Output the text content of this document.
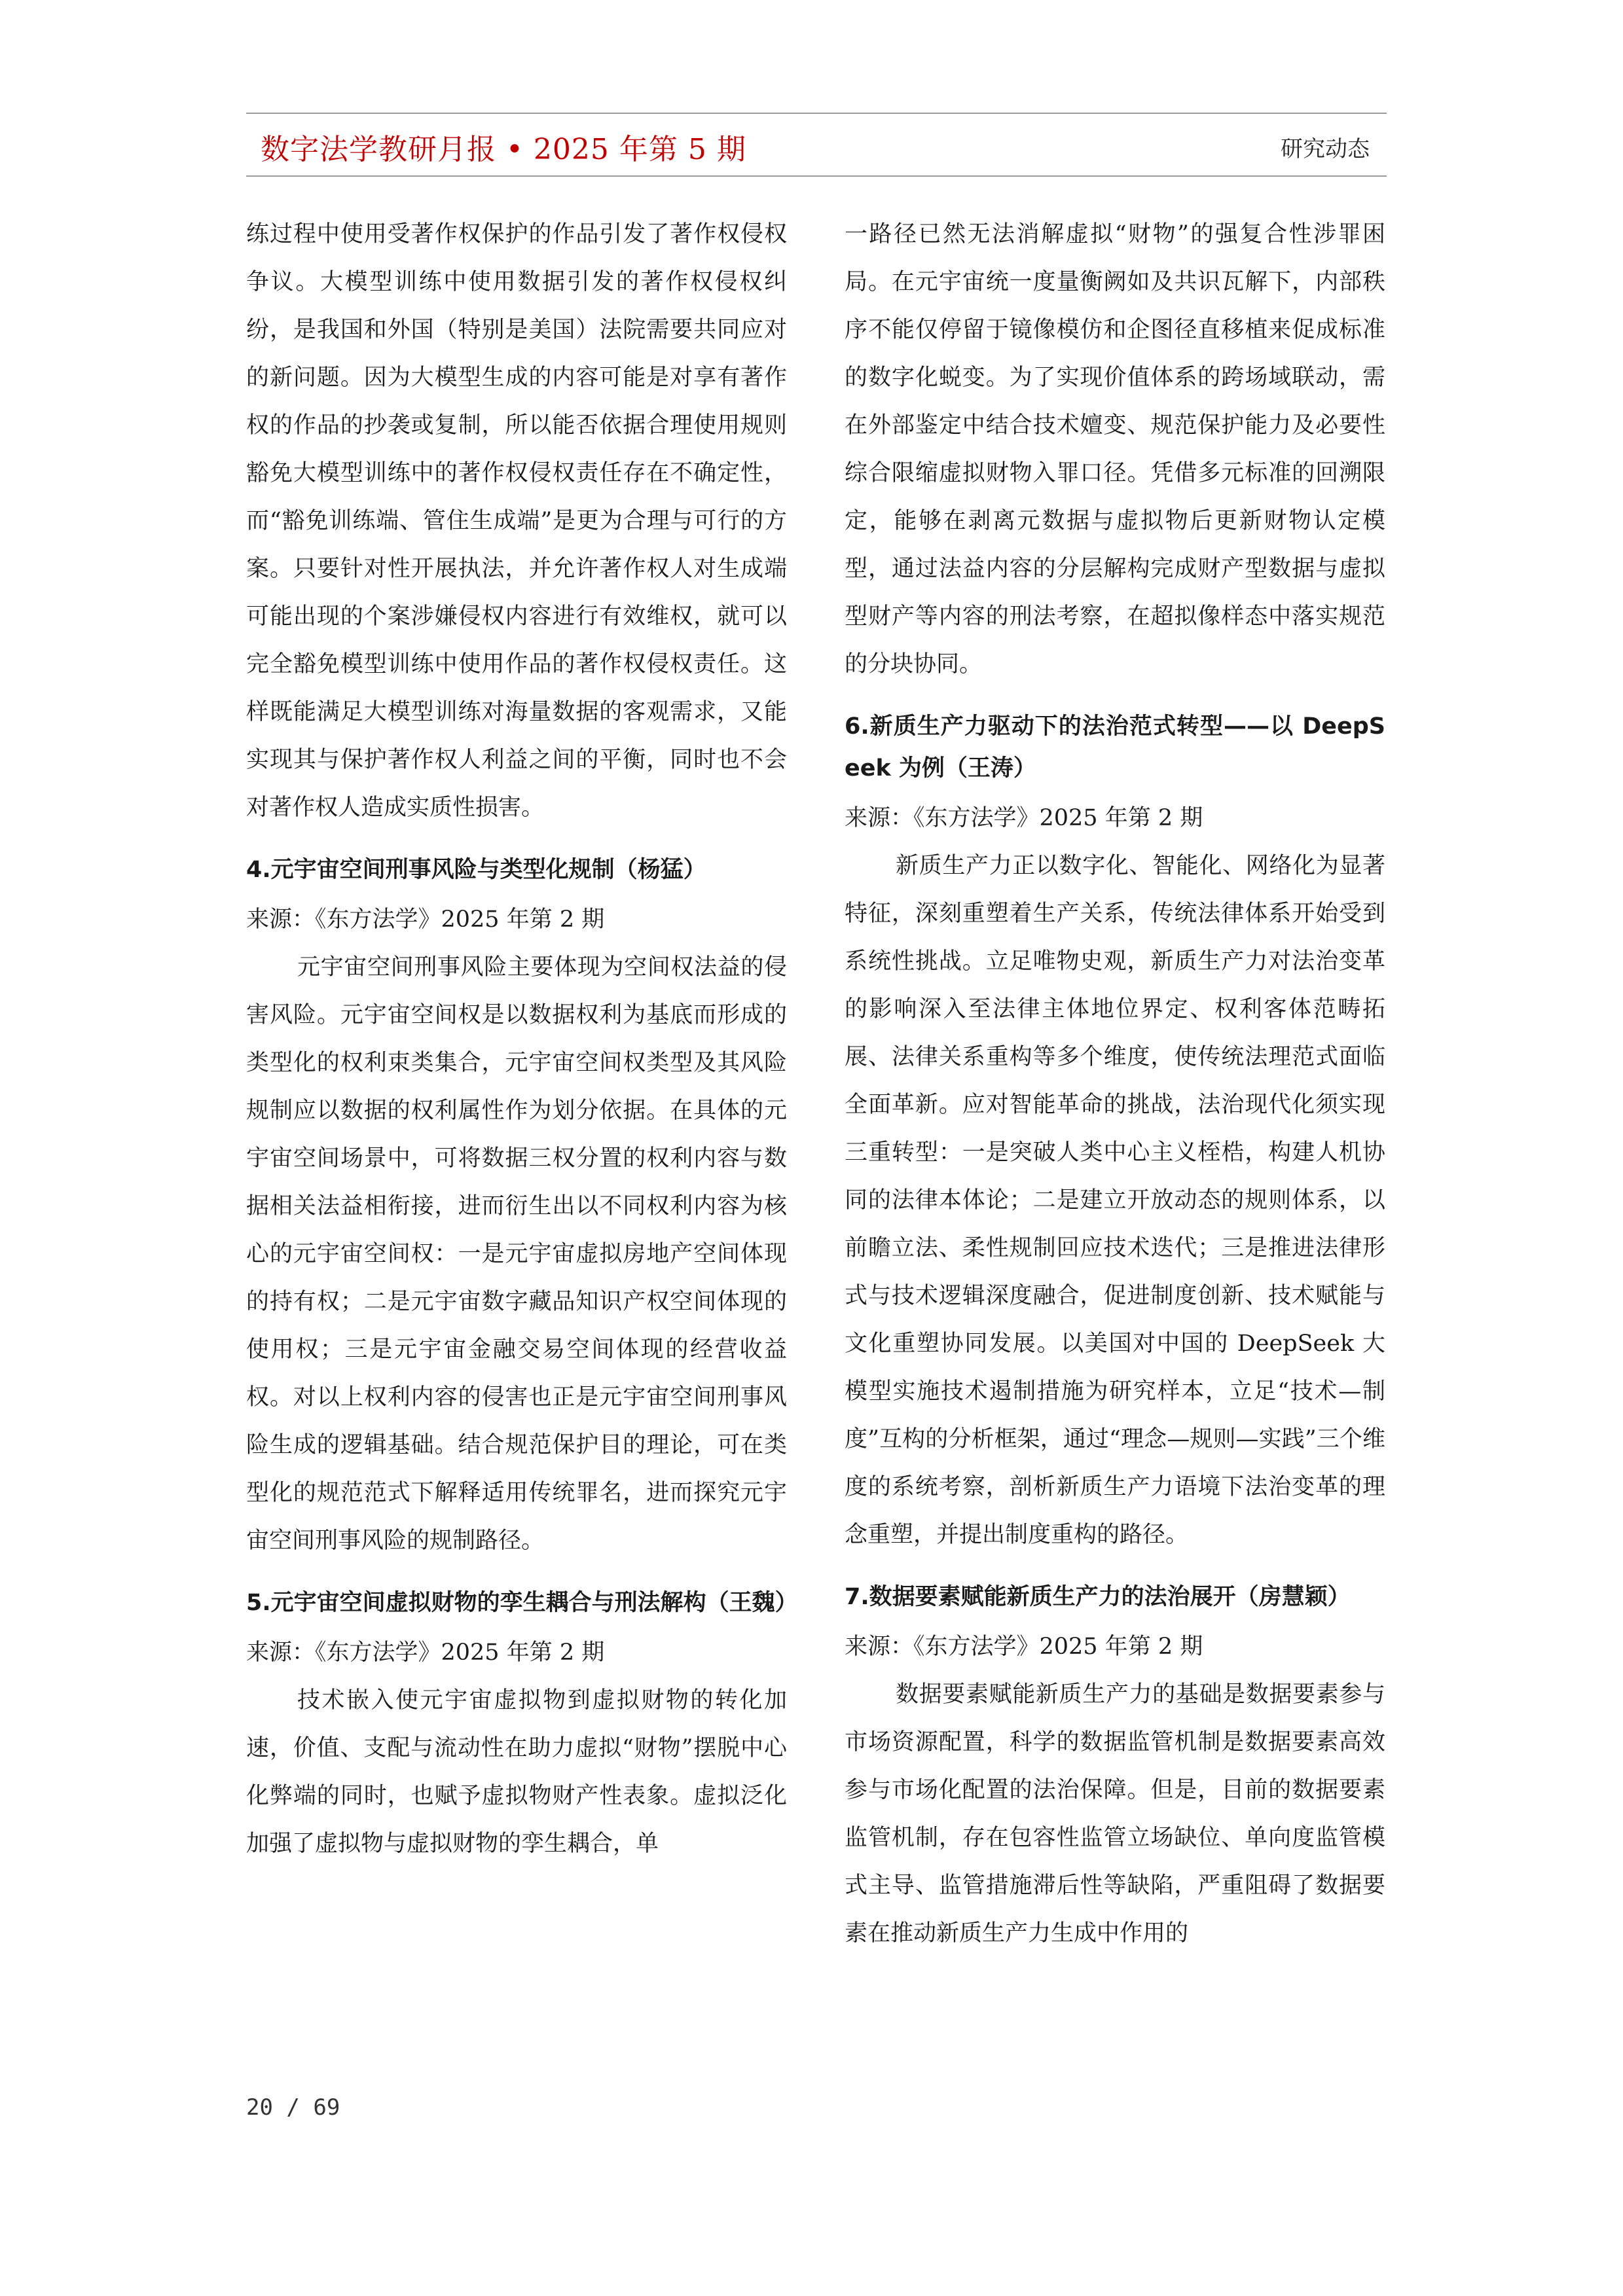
数字法学教研月报 • 2025 年第 5 期	研究动态

练过程中使用受著作权保护的作品引发了著作权侵权争议。大模型训练中使用数据引发的著作权侵权纠纷，是我国和外国（特别是美国）法院需要共同应对的新问题。因为大模型生成的内容可能是对享有著作权的作品的抄袭或复制，所以能否依据合理使用规则豁免大模型训练中的著作权侵权责任存在不确定性，而“豁免训练端、管住生成端”是更为合理与可行的方案。只要针对性开展执法，并允许著作权人对生成端可能出现的个案涉嫌侵权内容进行有效维权，就可以完全豁免模型训练中使用作品的著作权侵权责任。这样既能满足大模型训练对海量数据的客观需求，又能实现其与保护著作权人利益之间的平衡，同时也不会对著作权人造成实质性损害。

4.元宇宙空间刑事风险与类型化规制（杨猛）

来源：《东方法学》2025 年第 2 期

元宇宙空间刑事风险主要体现为空间权法益的侵害风险。元宇宙空间权是以数据权利为基底而形成的类型化的权利束类集合，元宇宙空间权类型及其风险规制应以数据的权利属性作为划分依据。在具体的元宇宙空间场景中，可将数据三权分置的权利内容与数据相关法益相衔接，进而衍生出以不同权利内容为核心的元宇宙空间权：一是元宇宙虚拟房地产空间体现的持有权；二是元宇宙数字藏品知识产权空间体现的使用权；三是元宇宙金融交易空间体现的经营收益权。对以上权利内容的侵害也正是元宇宙空间刑事风险生成的逻辑基础。结合规范保护目的理论，可在类型化的规范范式下解释适用传统罪名，进而探究元宇宙空间刑事风险的规制路径。

5.元宇宙空间虚拟财物的孪生耦合与刑法解构（王魏）

来源：《东方法学》2025 年第 2 期

技术嵌入使元宇宙虚拟物到虚拟财物的转化加速，价值、支配与流动性在助力虚拟“财物”摆脱中心化弊端的同时，也赋予虚拟物财产性表象。虚拟泛化加强了虚拟物与虚拟财物的孪生耦合，单

一路径已然无法消解虚拟“财物”的强复合性涉罪困局。在元宇宙统一度量衡阙如及共识瓦解下，内部秩序不能仅停留于镜像模仿和企图径直移植来促成标准的数字化蜕变。为了实现价值体系的跨场域联动，需在外部鉴定中结合技术嬗变、规范保护能力及必要性综合限缩虚拟财物入罪口径。凭借多元标准的回溯限定，能够在剥离元数据与虚拟物后更新财物认定模型，通过法益内容的分层解构完成财产型数据与虚拟型财产等内容的刑法考察，在超拟像样态中落实规范的分块协同。

6.新质生产力驱动下的法治范式转型——以 DeepSeek 为例（王涛）

来源：《东方法学》2025 年第 2 期

新质生产力正以数字化、智能化、网络化为显著特征，深刻重塑着生产关系，传统法律体系开始受到系统性挑战。立足唯物史观，新质生产力对法治变革的影响深入至法律主体地位界定、权利客体范畴拓展、法律关系重构等多个维度，使传统法理范式面临全面革新。应对智能革命的挑战，法治现代化须实现三重转型：一是突破人类中心主义桎梏，构建人机协同的法律本体论；二是建立开放动态的规则体系，以前瞻立法、柔性规制回应技术迭代；三是推进法律形式与技术逻辑深度融合，促进制度创新、技术赋能与文化重塑协同发展。以美国对中国的 DeepSeek 大模型实施技术遏制措施为研究样本，立足“技术—制度”互构的分析框架，通过“理念—规则—实践”三个维度的系统考察，剖析新质生产力语境下法治变革的理念重塑，并提出制度重构的路径。

7.数据要素赋能新质生产力的法治展开（房慧颖）

来源：《东方法学》2025 年第 2 期

数据要素赋能新质生产力的基础是数据要素参与市场资源配置，科学的数据监管机制是数据要素高效参与市场化配置的法治保障。但是，目前的数据要素监管机制，存在包容性监管立场缺位、单向度监管模式主导、监管措施滞后性等缺陷，严重阻碍了数据要素在推动新质生产力生成中作用的

20 / 69
